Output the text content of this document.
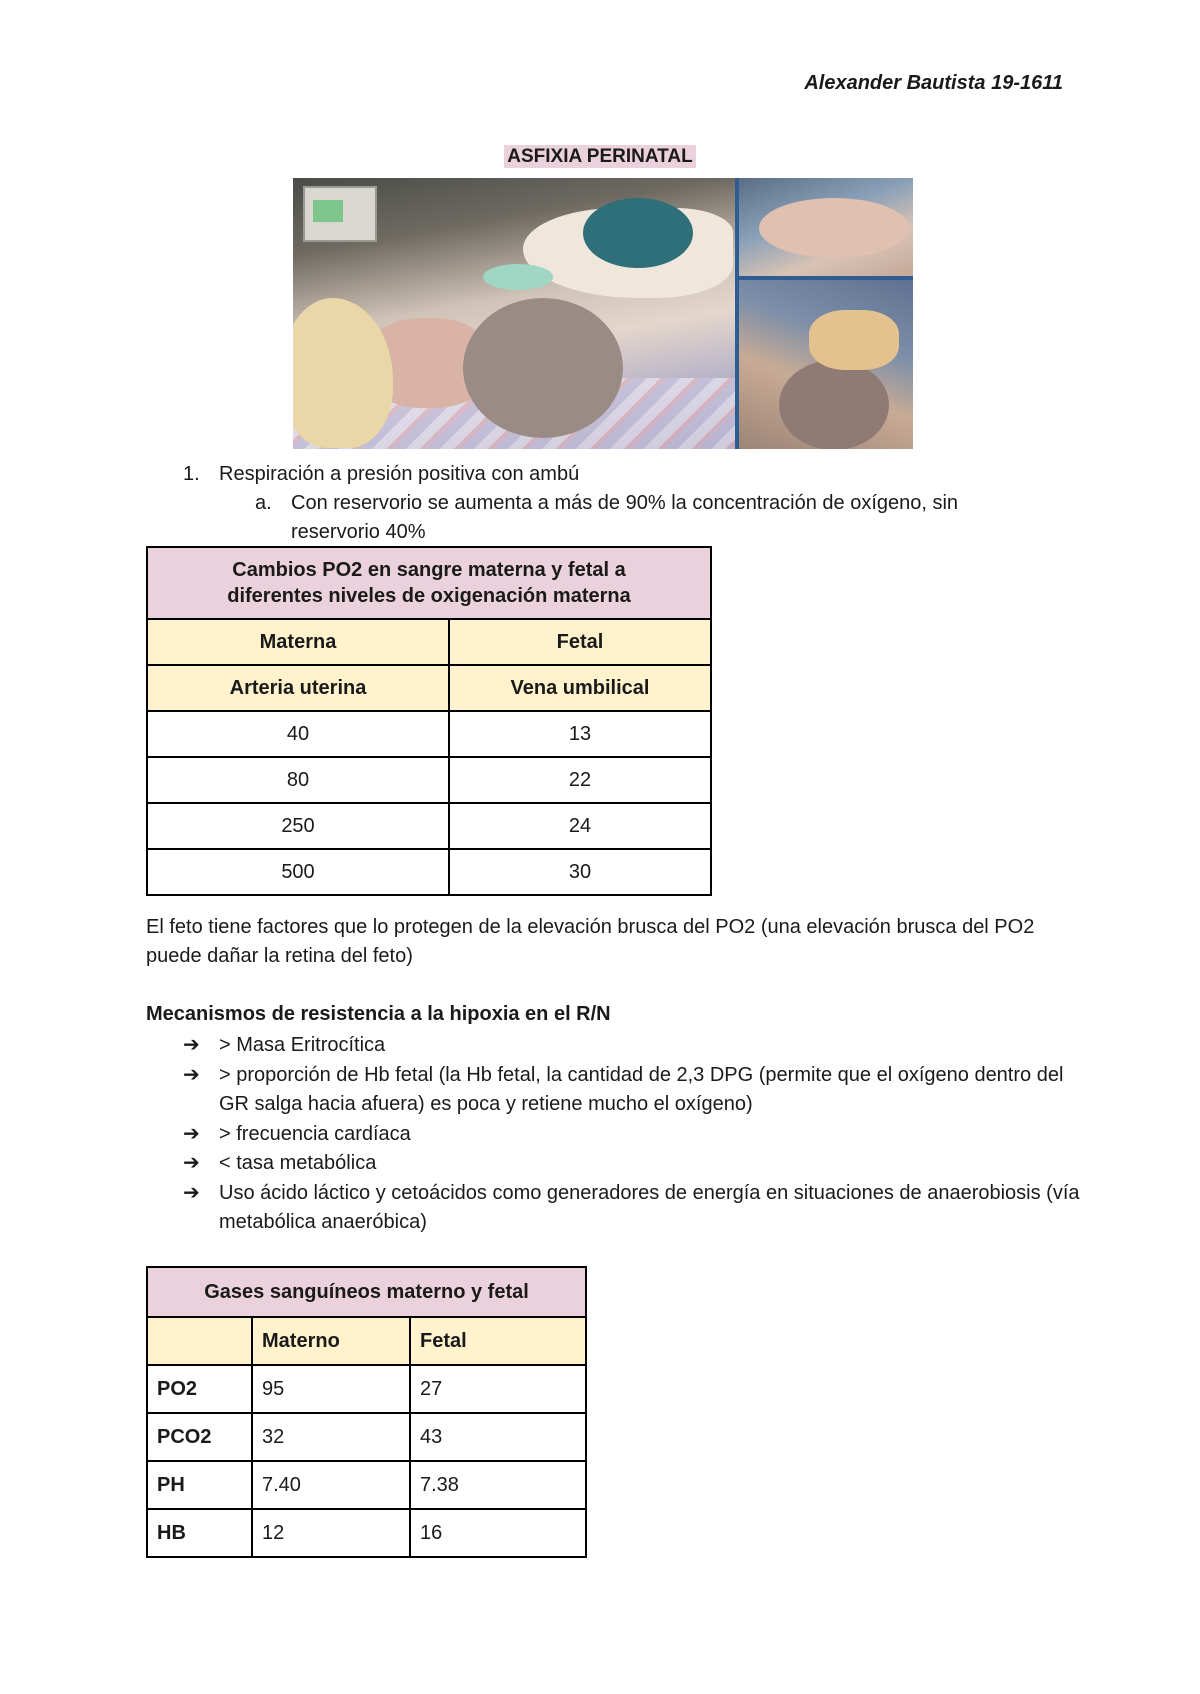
Alexander Bautista 19-1611
ASFIXIA PERINATAL
1. Respiración a presión positiva con ambú
a. Con reservorio se aumenta a más de 90% la concentración de oxígeno, sin reservorio 40%
Cambios PO2 en sangre materna y fetal a diferentes niveles de oxigenación materna	
Materna	Fetal
Arteria uterina	Vena umbilical
40	13
80	22
250	24
500	30
El feto tiene factores que lo protegen de la elevación brusca del PO2 (una elevación brusca del PO2 puede dañar la retina del feto)
Mecanismos de resistencia a la hipoxia en el R/N
➔ > Masa Eritrocítica
➔ > proporción de Hb fetal (la Hb fetal, la cantidad de 2,3 DPG (permite que el oxígeno dentro del GR salga hacia afuera) es poca y retiene mucho el oxígeno)
➔ > frecuencia cardíaca
➔ < tasa metabólica
➔ Uso ácido láctico y cetoácidos como generadores de energía en situaciones de anaerobiosis (vía metabólica anaeróbica)
Gases sanguíneos materno y fetal		
	Materno	Fetal
PO2	95	27
PCO2	32	43
PH	7.40	7.38
HB	12	16
